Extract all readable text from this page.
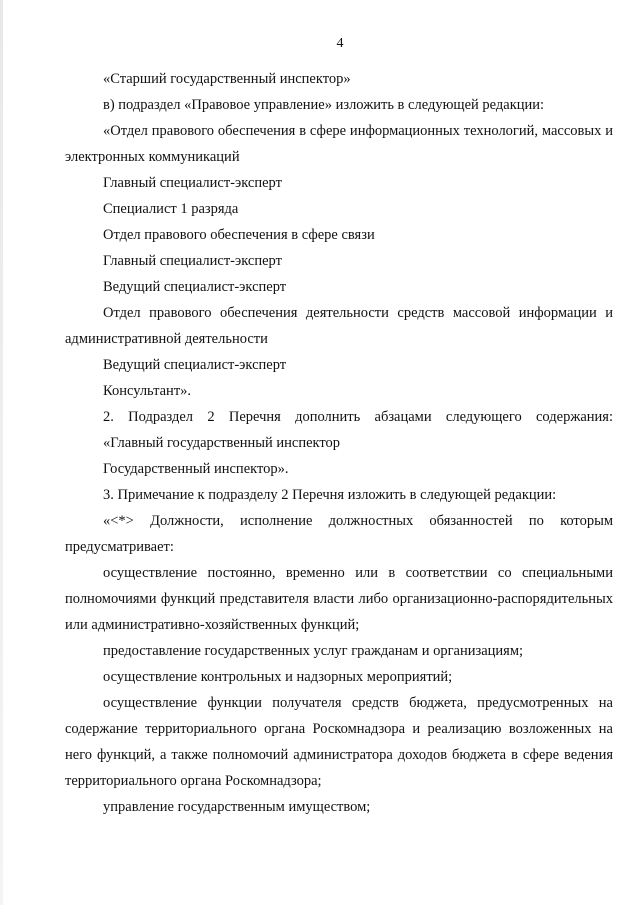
4

«Старший государственный инспектор»

в) подраздел «Правовое управление» изложить в следующей редакции:

«Отдел правового обеспечения в сфере информационных технологий, массовых и электронных коммуникаций

Главный специалист-эксперт

Специалист 1 разряда

Отдел правового обеспечения в сфере связи

Главный специалист-эксперт

Ведущий специалист-эксперт

Отдел правового обеспечения деятельности средств массовой информации и административной деятельности

Ведущий специалист-эксперт

Консультант».

2. Подраздел 2 Перечня дополнить абзацами следующего содержания:

«Главный государственный инспектор

Государственный инспектор».

3. Примечание к подразделу 2 Перечня изложить в следующей редакции:

«<*> Должности, исполнение должностных обязанностей по которым предусматривает:

осуществление постоянно, временно или в соответствии со специальными полномочиями функций представителя власти либо организационно-распорядительных или административно-хозяйственных функций;

предоставление государственных услуг гражданам и организациям;

осуществление контрольных и надзорных мероприятий;

осуществление функции получателя средств бюджета, предусмотренных на содержание территориального органа Роскомнадзора и реализацию возложенных на него функций, а также полномочий администратора доходов бюджета в сфере ведения территориального органа Роскомнадзора;

управление государственным имуществом;
